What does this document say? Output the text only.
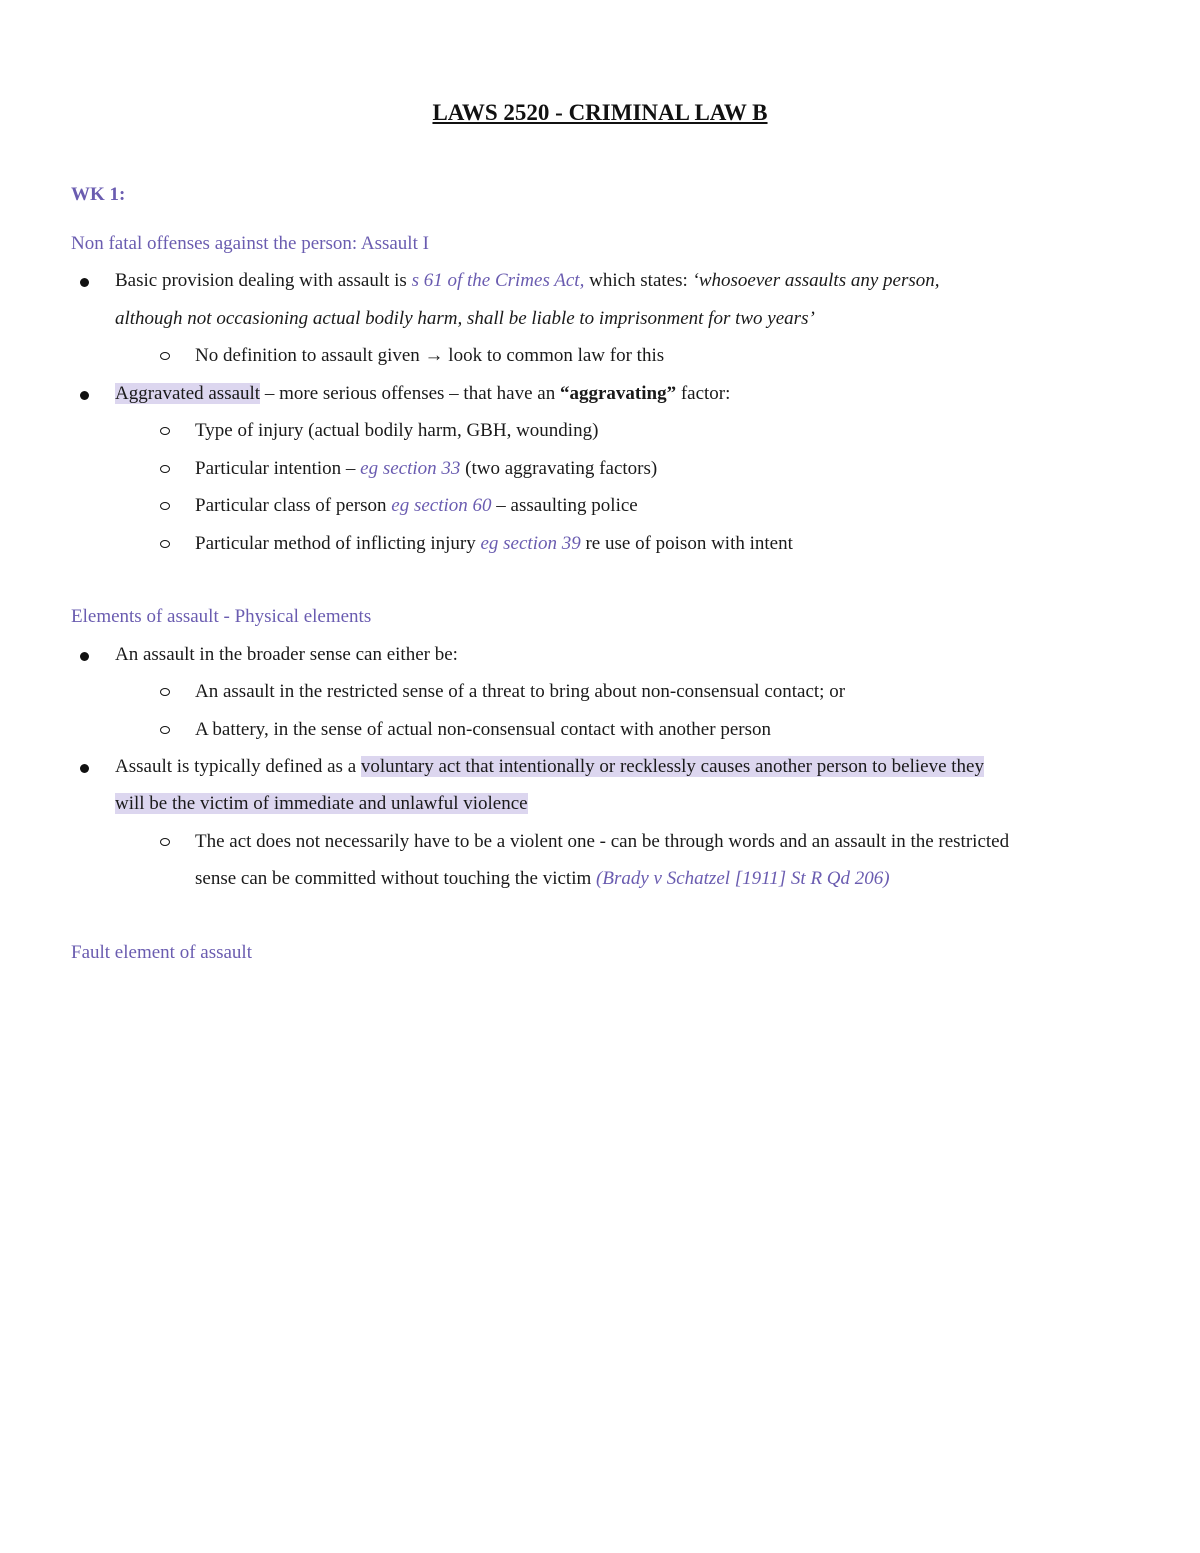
LAWS 2520 - CRIMINAL LAW B
WK 1:
Non fatal offenses against the person: Assault I
Basic provision dealing with assault is s 61 of the Crimes Act, which states: ‘whosoever assaults any person,
although not occasioning actual bodily harm, shall be liable to imprisonment for two years’
No definition to assault given → look to common law for this
Aggravated assault – more serious offenses – that have an “aggravating” factor:
Type of injury (actual bodily harm, GBH, wounding)
Particular intention – eg section 33 (two aggravating factors)
Particular class of person eg section 60 – assaulting police
Particular method of inflicting injury eg section 39 re use of poison with intent
Elements of assault - Physical elements
An assault in the broader sense can either be:
An assault in the restricted sense of a threat to bring about non-consensual contact; or
A battery, in the sense of actual non-consensual contact with another person
Assault is typically defined as a voluntary act that intentionally or recklessly causes another person to believe they
will be the victim of immediate and unlawful violence
The act does not necessarily have to be a violent one - can be through words and an assault in the restricted
sense can be committed without touching the victim (Brady v Schatzel [1911] St R Qd 206)
Fault element of assault
